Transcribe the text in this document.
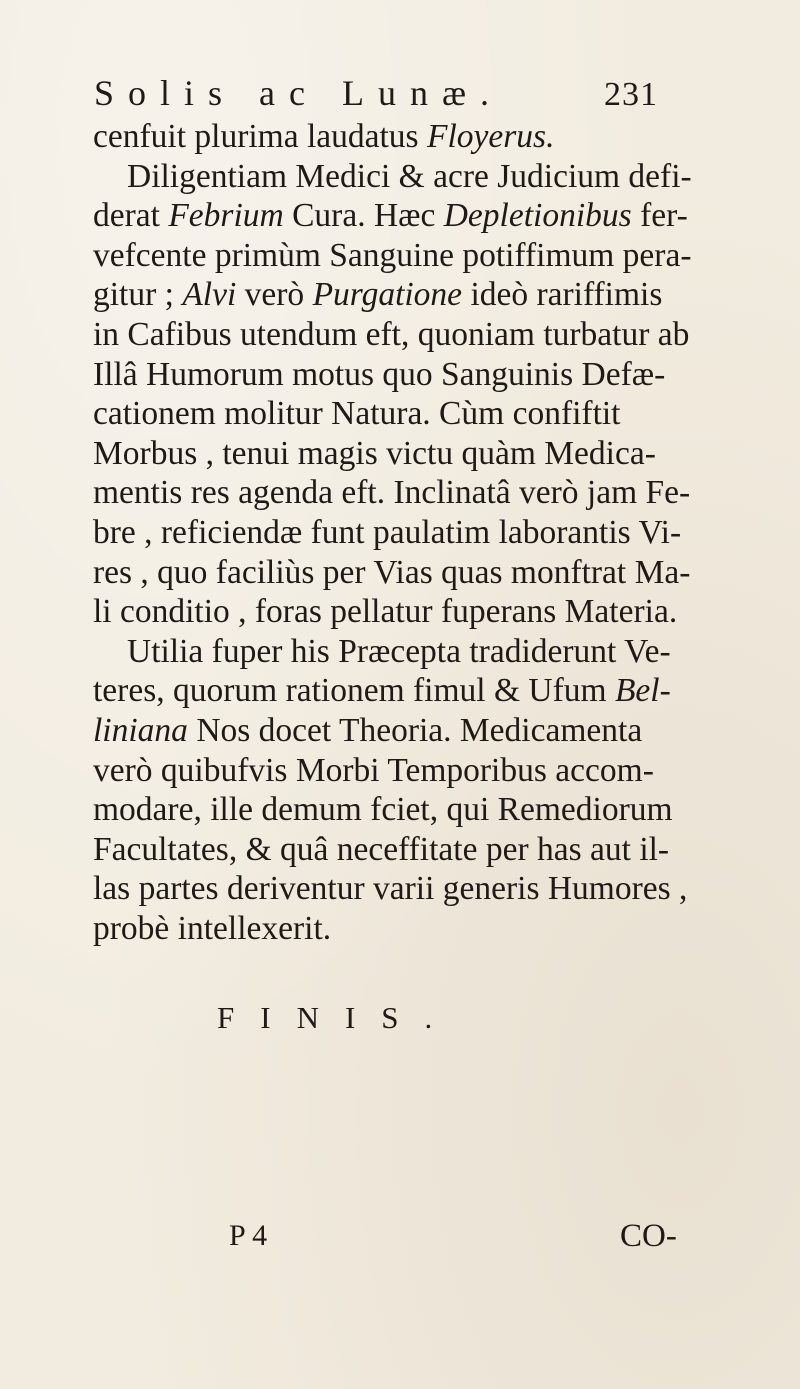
Solis ac Lunæ.	231
cenfuit plurima laudatus Floyerus.
Diligentiam Medici & acre Judicium defi-
derat Febrium Cura. Hæc Depletionibus fer-
vefcente primùm Sanguine potiffimum pera-
gitur ; Alvi verò Purgatione ideò rariffimis
in Cafibus utendum eft, quoniam turbatur ab
Illâ Humorum motus quo Sanguinis Defæ-
cationem molitur Natura. Cùm confiftit
Morbus , tenui magis victu quàm Medica-
mentis res agenda eft. Inclinatâ verò jam Fe-
bre , reficiendæ funt paulatim laborantis Vi-
res , quo faciliùs per Vias quas monftrat Ma-
li conditio , foras pellatur fuperans Materia.
Utilia fuper his Præcepta tradiderunt Ve-
teres, quorum rationem fimul & Ufum Bel-
liniana Nos docet Theoria. Medicamenta
verò quibufvis Morbi Temporibus accom-
modare, ille demum fciet, qui Remediorum
Facultates, & quâ neceffitate per has aut il-
las partes deriventur varii generis Humores ,
probè intellexerit.
FINIS.
P 4	CO-
